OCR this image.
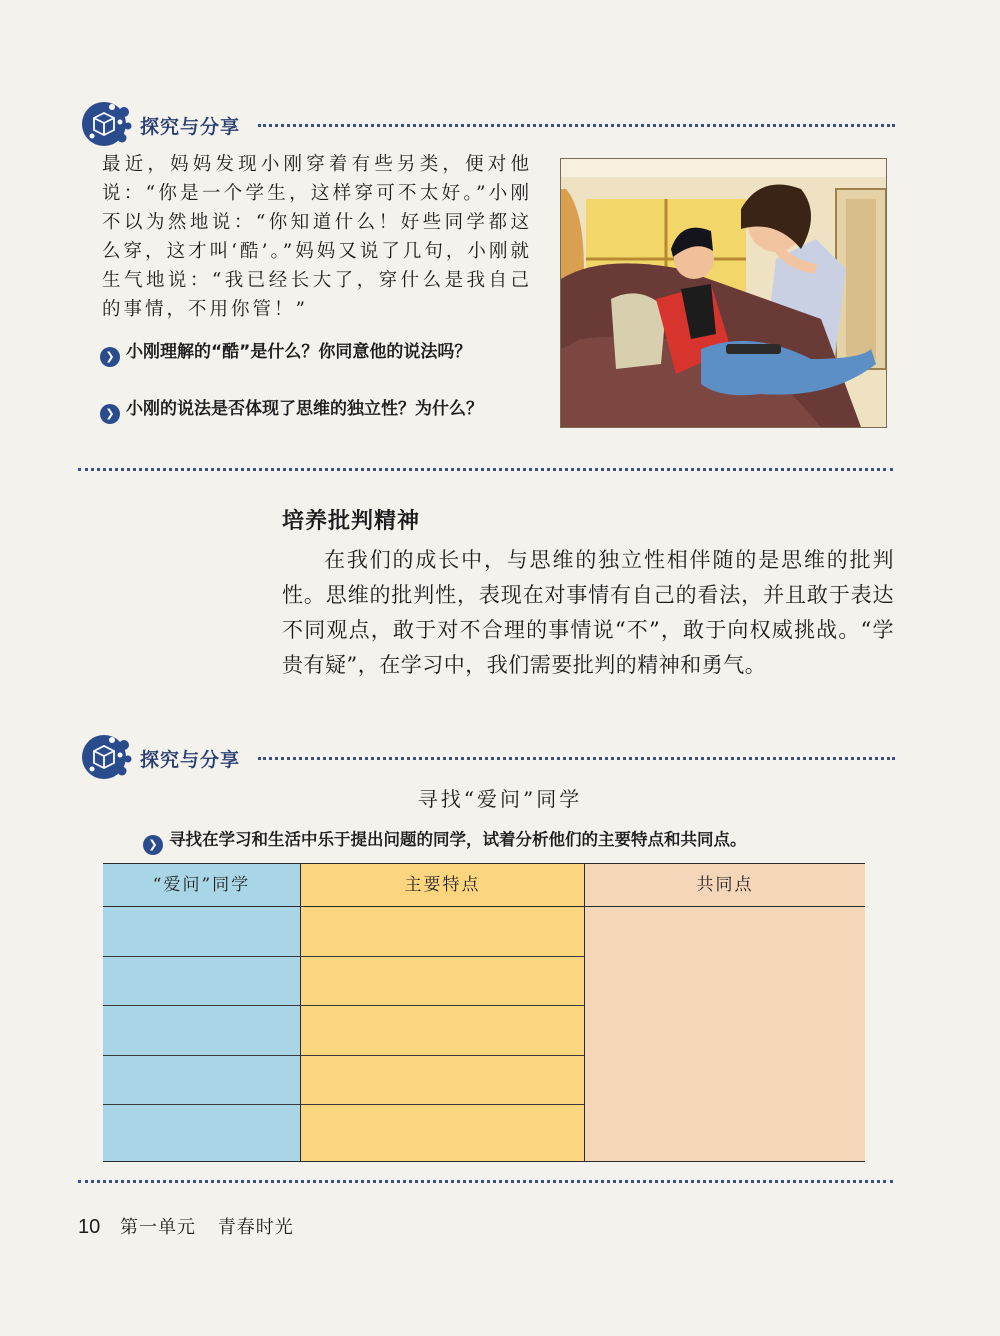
探究与分享

最近，妈妈发现小刚穿着有些另类，便对他说：“你是一个学生，这样穿可不太好。”小刚不以为然地说：“你知道什么！好些同学都这么穿，这才叫‘酷’。”妈妈又说了几句，小刚就生气地说：“我已经长大了，穿什么是我自己的事情，不用你管！”

❯ 小刚理解的“酷”是什么？你同意他的说法吗？

❯ 小刚的说法是否体现了思维的独立性？为什么？

培养批判精神

在我们的成长中，与思维的独立性相伴随的是思维的批判性。思维的批判性，表现在对事情有自己的看法，并且敢于表达不同观点，敢于对不合理的事情说“不”，敢于向权威挑战。“学贵有疑”，在学习中，我们需要批判的精神和勇气。

探究与分享
寻找“爱问”同学

❯ 寻找在学习和生活中乐于提出问题的同学，试着分析他们的主要特点和共同点。

“爱问”同学	主要特点	共同点
10 第一单元 青春时光
